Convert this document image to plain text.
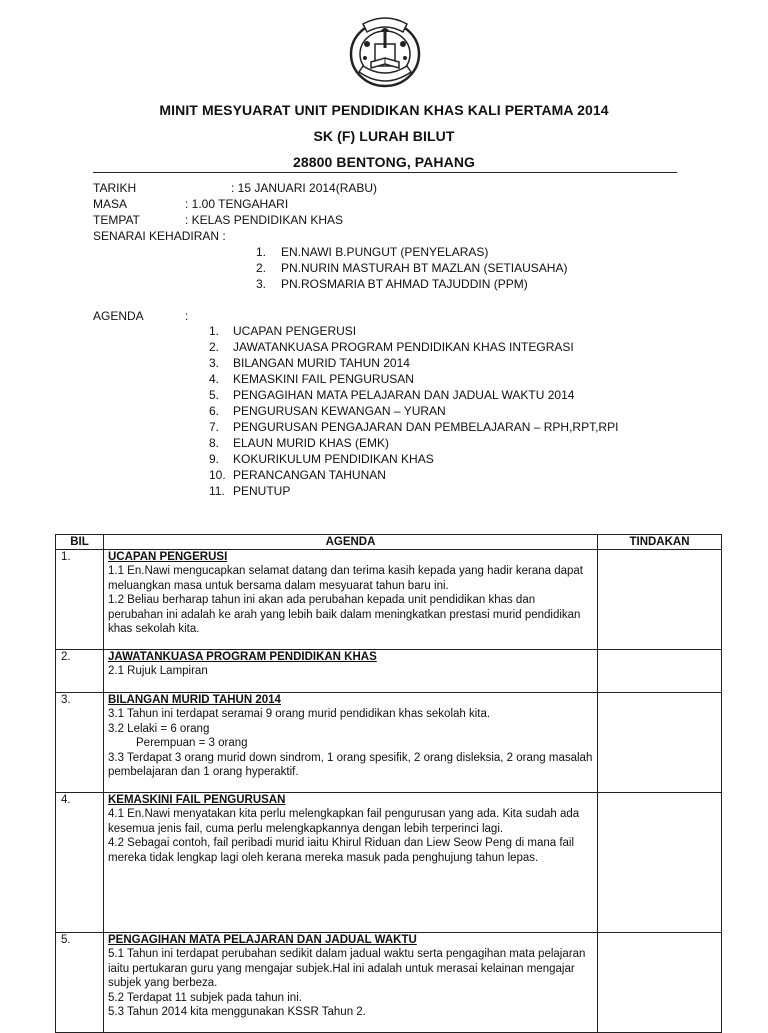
MINIT MESYUARAT UNIT PENDIDIKAN KHAS KALI PERTAMA 2014
SK (F) LURAH BILUT
28800 BENTONG, PAHANG
TARIKH	: 15 JANUARI 2014(RABU)
MASA	: 1.00 TENGAHARI
TEMPAT	: KELAS PENDIDIKAN KHAS
SENARAI KEHADIRAN :
1. EN.NAWI B.PUNGUT (PENYELARAS)
2. PN.NURIN MASTURAH BT MAZLAN (SETIAUSAHA)
3. PN.ROSMARIA BT AHMAD TAJUDDIN (PPM)
AGENDA	:
1. UCAPAN PENGERUSI
2. JAWATANKUASA PROGRAM PENDIDIKAN KHAS INTEGRASI
3. BILANGAN MURID TAHUN 2014
4. KEMASKINI FAIL PENGURUSAN
5. PENGAGIHAN MATA PELAJARAN DAN JADUAL WAKTU 2014
6. PENGURUSAN KEWANGAN – YURAN
7. PENGURUSAN PENGAJARAN DAN PEMBELAJARAN – RPH,RPT,RPI
8. ELAUN MURID KHAS (EMK)
9. KOKURIKULUM PENDIDIKAN KHAS
10. PERANCANGAN TAHUNAN
11. PENUTUP
BIL	AGENDA	TINDAKAN
1.	UCAPAN PENGERUSI
1.1 En.Nawi mengucapkan selamat datang dan terima kasih kepada yang hadir kerana dapat meluangkan masa untuk bersama dalam mesyuarat tahun baru ini.
1.2 Beliau berharap tahun ini akan ada perubahan kepada unit pendidikan khas dan perubahan ini adalah ke arah yang lebih baik dalam meningkatkan prestasi murid pendidikan khas sekolah kita.	

2.	JAWATANKUASA PROGRAM PENDIDIKAN KHAS
2.1 Rujuk Lampiran	

3.	BILANGAN MURID TAHUN 2014
3.1 Tahun ini terdapat seramai 9 orang murid pendidikan khas sekolah kita.
3.2 Lelaki = 6 orang
Perempuan = 3 orang
3.3 Terdapat 3 orang murid down sindrom, 1 orang spesifik, 2 orang disleksia, 2 orang masalah pembelajaran dan 1 orang hyperaktif.	

4.	KEMASKINI FAIL PENGURUSAN
4.1 En.Nawi menyatakan kita perlu melengkapkan fail pengurusan yang ada. Kita sudah ada kesemua jenis fail, cuma perlu melengkapkannya dengan lebih terperinci lagi.
4.2 Sebagai contoh, fail peribadi murid iaitu Khirul Riduan dan Liew Seow Peng di mana fail mereka tidak lengkap lagi oleh kerana mereka masuk pada penghujung tahun lepas.	

5.	PENGAGIHAN MATA PELAJARAN DAN JADUAL WAKTU
5.1 Tahun ini terdapat perubahan sedikit dalam jadual waktu serta pengagihan mata pelajaran iaitu pertukaran guru yang mengajar subjek.Hal ini adalah untuk merasai kelainan mengajar subjek yang berbeza.
5.2 Terdapat 11 subjek pada tahun ini.
5.3 Tahun 2014 kita menggunakan KSSR Tahun 2.	
